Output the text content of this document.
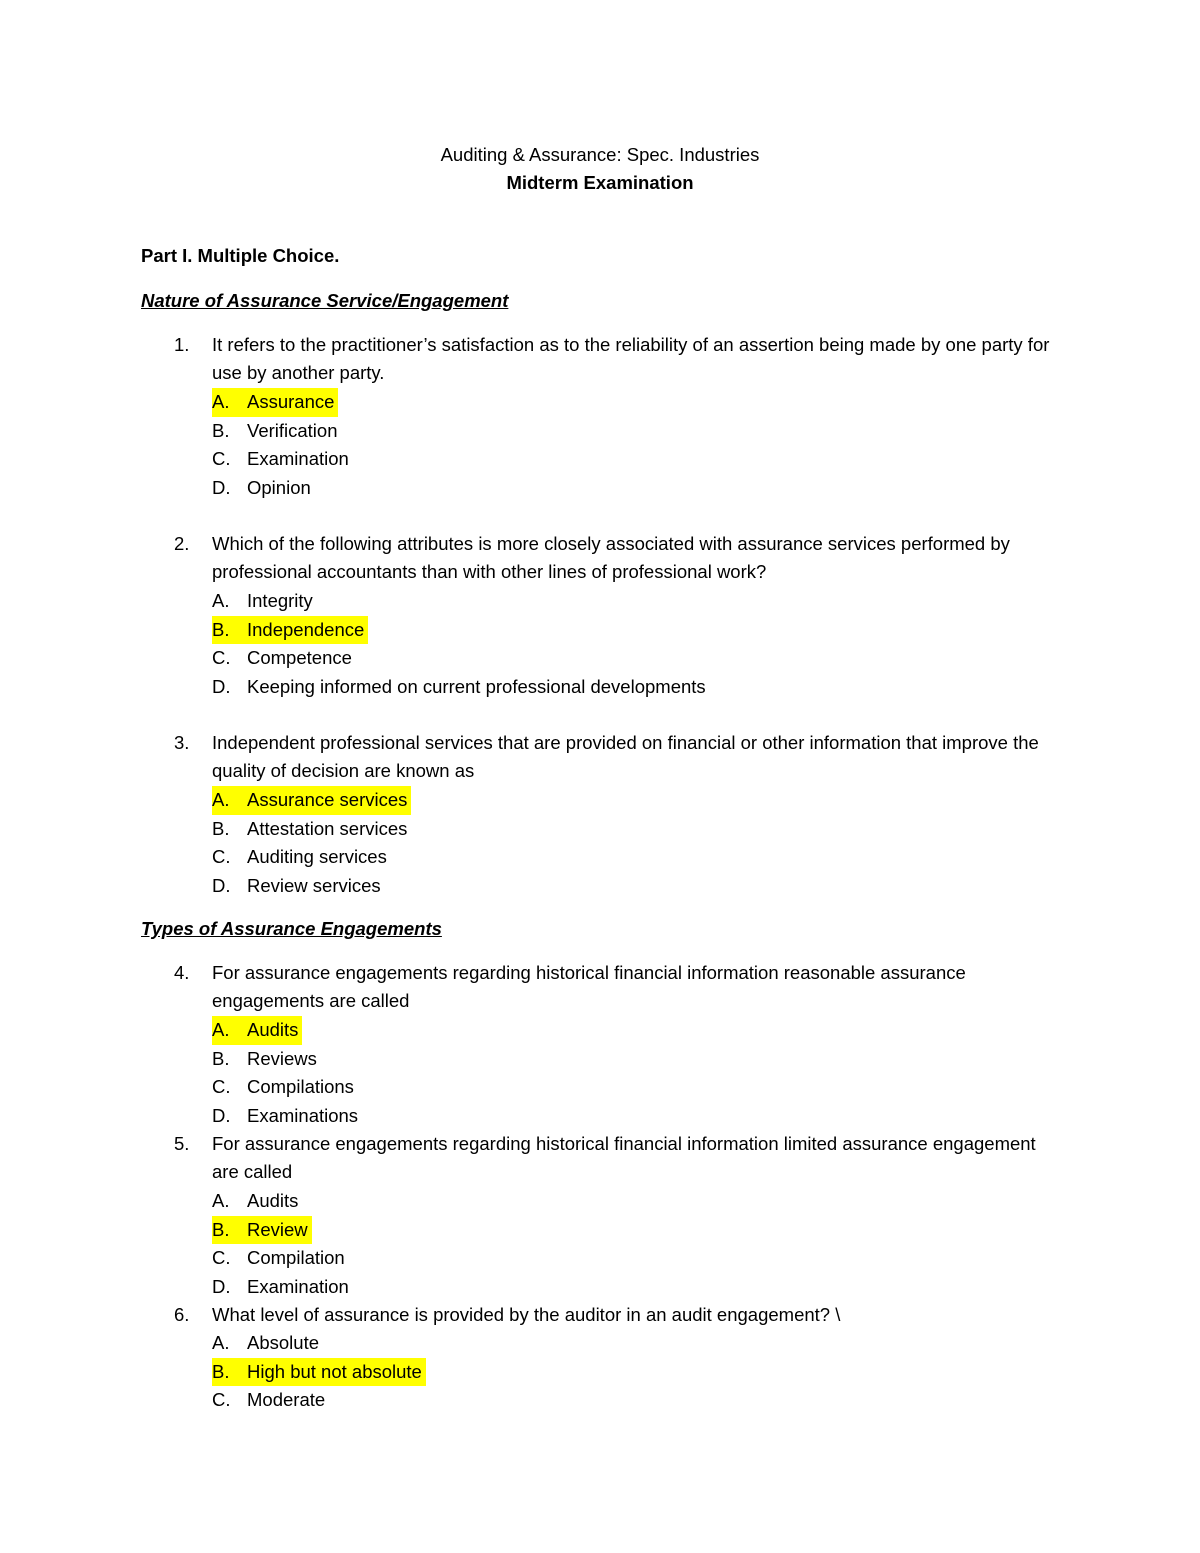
Auditing & Assurance: Spec. Industries
Midterm Examination

Part I. Multiple Choice.

Nature of Assurance Service/Engagement

1. It refers to the practitioner’s satisfaction as to the reliability of an assertion being made by one party for use by another party.

A. Assurance
B. Verification
C. Examination
D. Opinion
2. Which of the following attributes is more closely associated with assurance services performed by professional accountants than with other lines of professional work?

A. Integrity
B. Independence
C. Competence
D. Keeping informed on current professional developments
3. Independent professional services that are provided on financial or other information that improve the quality of decision are known as

A. Assurance services
B. Attestation services
C. Auditing services
D. Review services

Types of Assurance Engagements

4. For assurance engagements regarding historical financial information reasonable assurance engagements are called

A. Audits
B. Reviews
C. Compilations
D. Examinations
5. For assurance engagements regarding historical financial information limited assurance engagement are called

A. Audits
B. Review
C. Compilation
D. Examination
6. What level of assurance is provided by the auditor in an audit engagement? \

A. Absolute
B. High but not absolute
C. Moderate
